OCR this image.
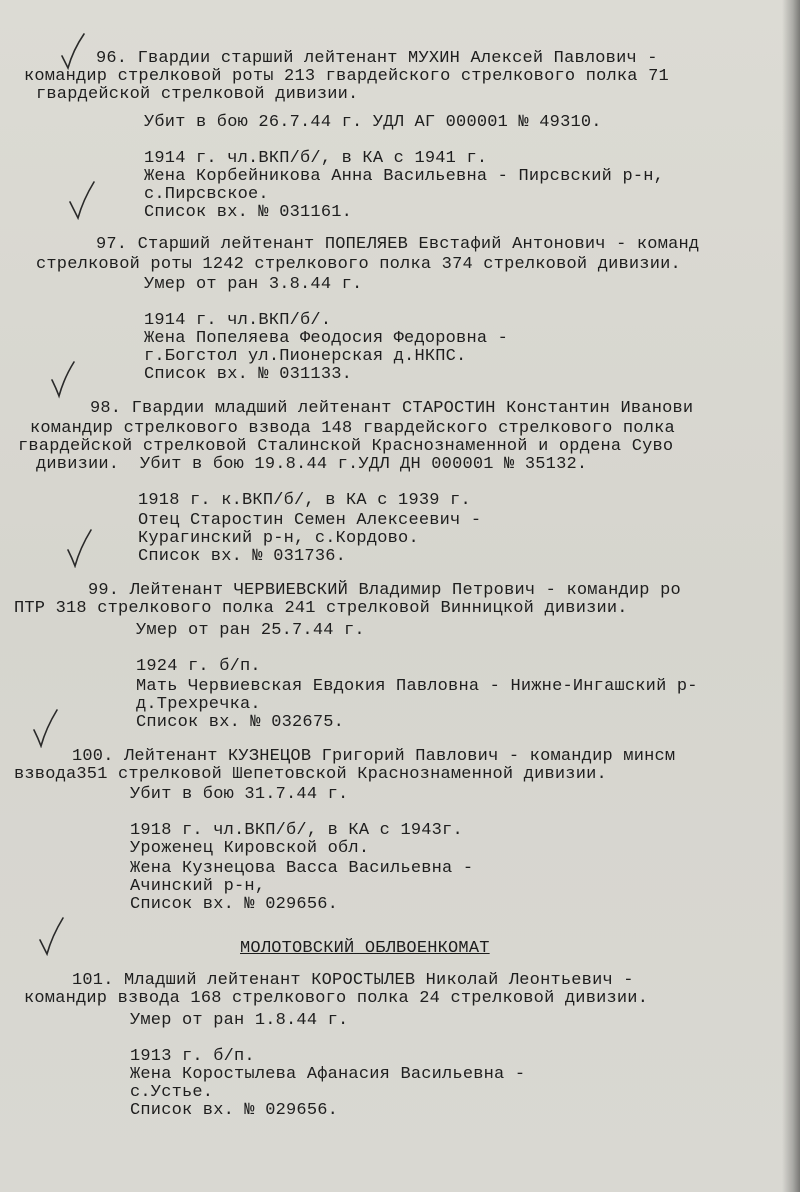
96. Гвардии старший лейтенант МУХИН Алексей Павлович -
командир стрелковой роты 213 гвардейского стрелкового полка 71
гвардейской стрелковой дивизии.
Убит в бою 26.7.44 г. УДЛ АГ 000001 № 49310.
1914 г. чл.ВКП/б/, в КА с 1941 г.
Жена Корбейникова Анна Васильевна - Пирсвский р-н,
с.Пирсвское.
Список вх. № 031161.
97. Старший лейтенант ПОПЕЛЯЕВ Евстафий Антонович - команд
стрелковой роты 1242 стрелкового полка 374 стрелковой дивизии.
Умер от ран 3.8.44 г.
1914 г. чл.ВКП/б/.
Жена Попеляева Феодосия Федоровна -
г.Богстол ул.Пионерская д.НКПС.
Список вх. № 031133.
98. Гвардии младший лейтенант СТАРОСТИН Константин Иванови
командир стрелкового взвода 148 гвардейского стрелкового полка
гвардейской стрелковой Сталинской Краснознаменной и ордена Суво
дивизии.  Убит в бою 19.8.44 г.УДЛ ДН 000001 № 35132.
1918 г. к.ВКП/б/, в КА с 1939 г.
Отец Старостин Семен Алексеевич -
Курагинский р-н, с.Кордово.
Список вх. № 031736.
99. Лейтенант ЧЕРВИЕВСКИЙ Владимир Петрович - командир ро
ПТР 318 стрелкового полка 241 стрелковой Винницкой дивизии.
Умер от ран 25.7.44 г.
1924 г. б/п.
Мать Червиевская Евдокия Павловна - Нижне-Ингашский р-
д.Трехречка.
Список вх. № 032675.
100. Лейтенант КУЗНЕЦОВ Григорий Павлович - командир минсм
взвода351 стрелковой Шепетовской Краснознаменной дивизии.
Убит в бою 31.7.44 г.
1918 г. чл.ВКП/б/, в КА с 1943г.
Уроженец Кировской обл.
Жена Кузнецова Васса Васильевна -
Ачинский р-н,
Список вх. № 029656.
101. Младший лейтенант КОРОСТЫЛЕВ Николай Леонтьевич -
командир взвода 168 стрелкового полка 24 стрелковой дивизии.
Умер от ран 1.8.44 г.
1913 г. б/п.
Жена Коростылева Афанасия Васильевна -
с.Устье.
Список вх. № 029656.
МОЛОТОВСКИЙ ОБЛВОЕНКОМАТ
